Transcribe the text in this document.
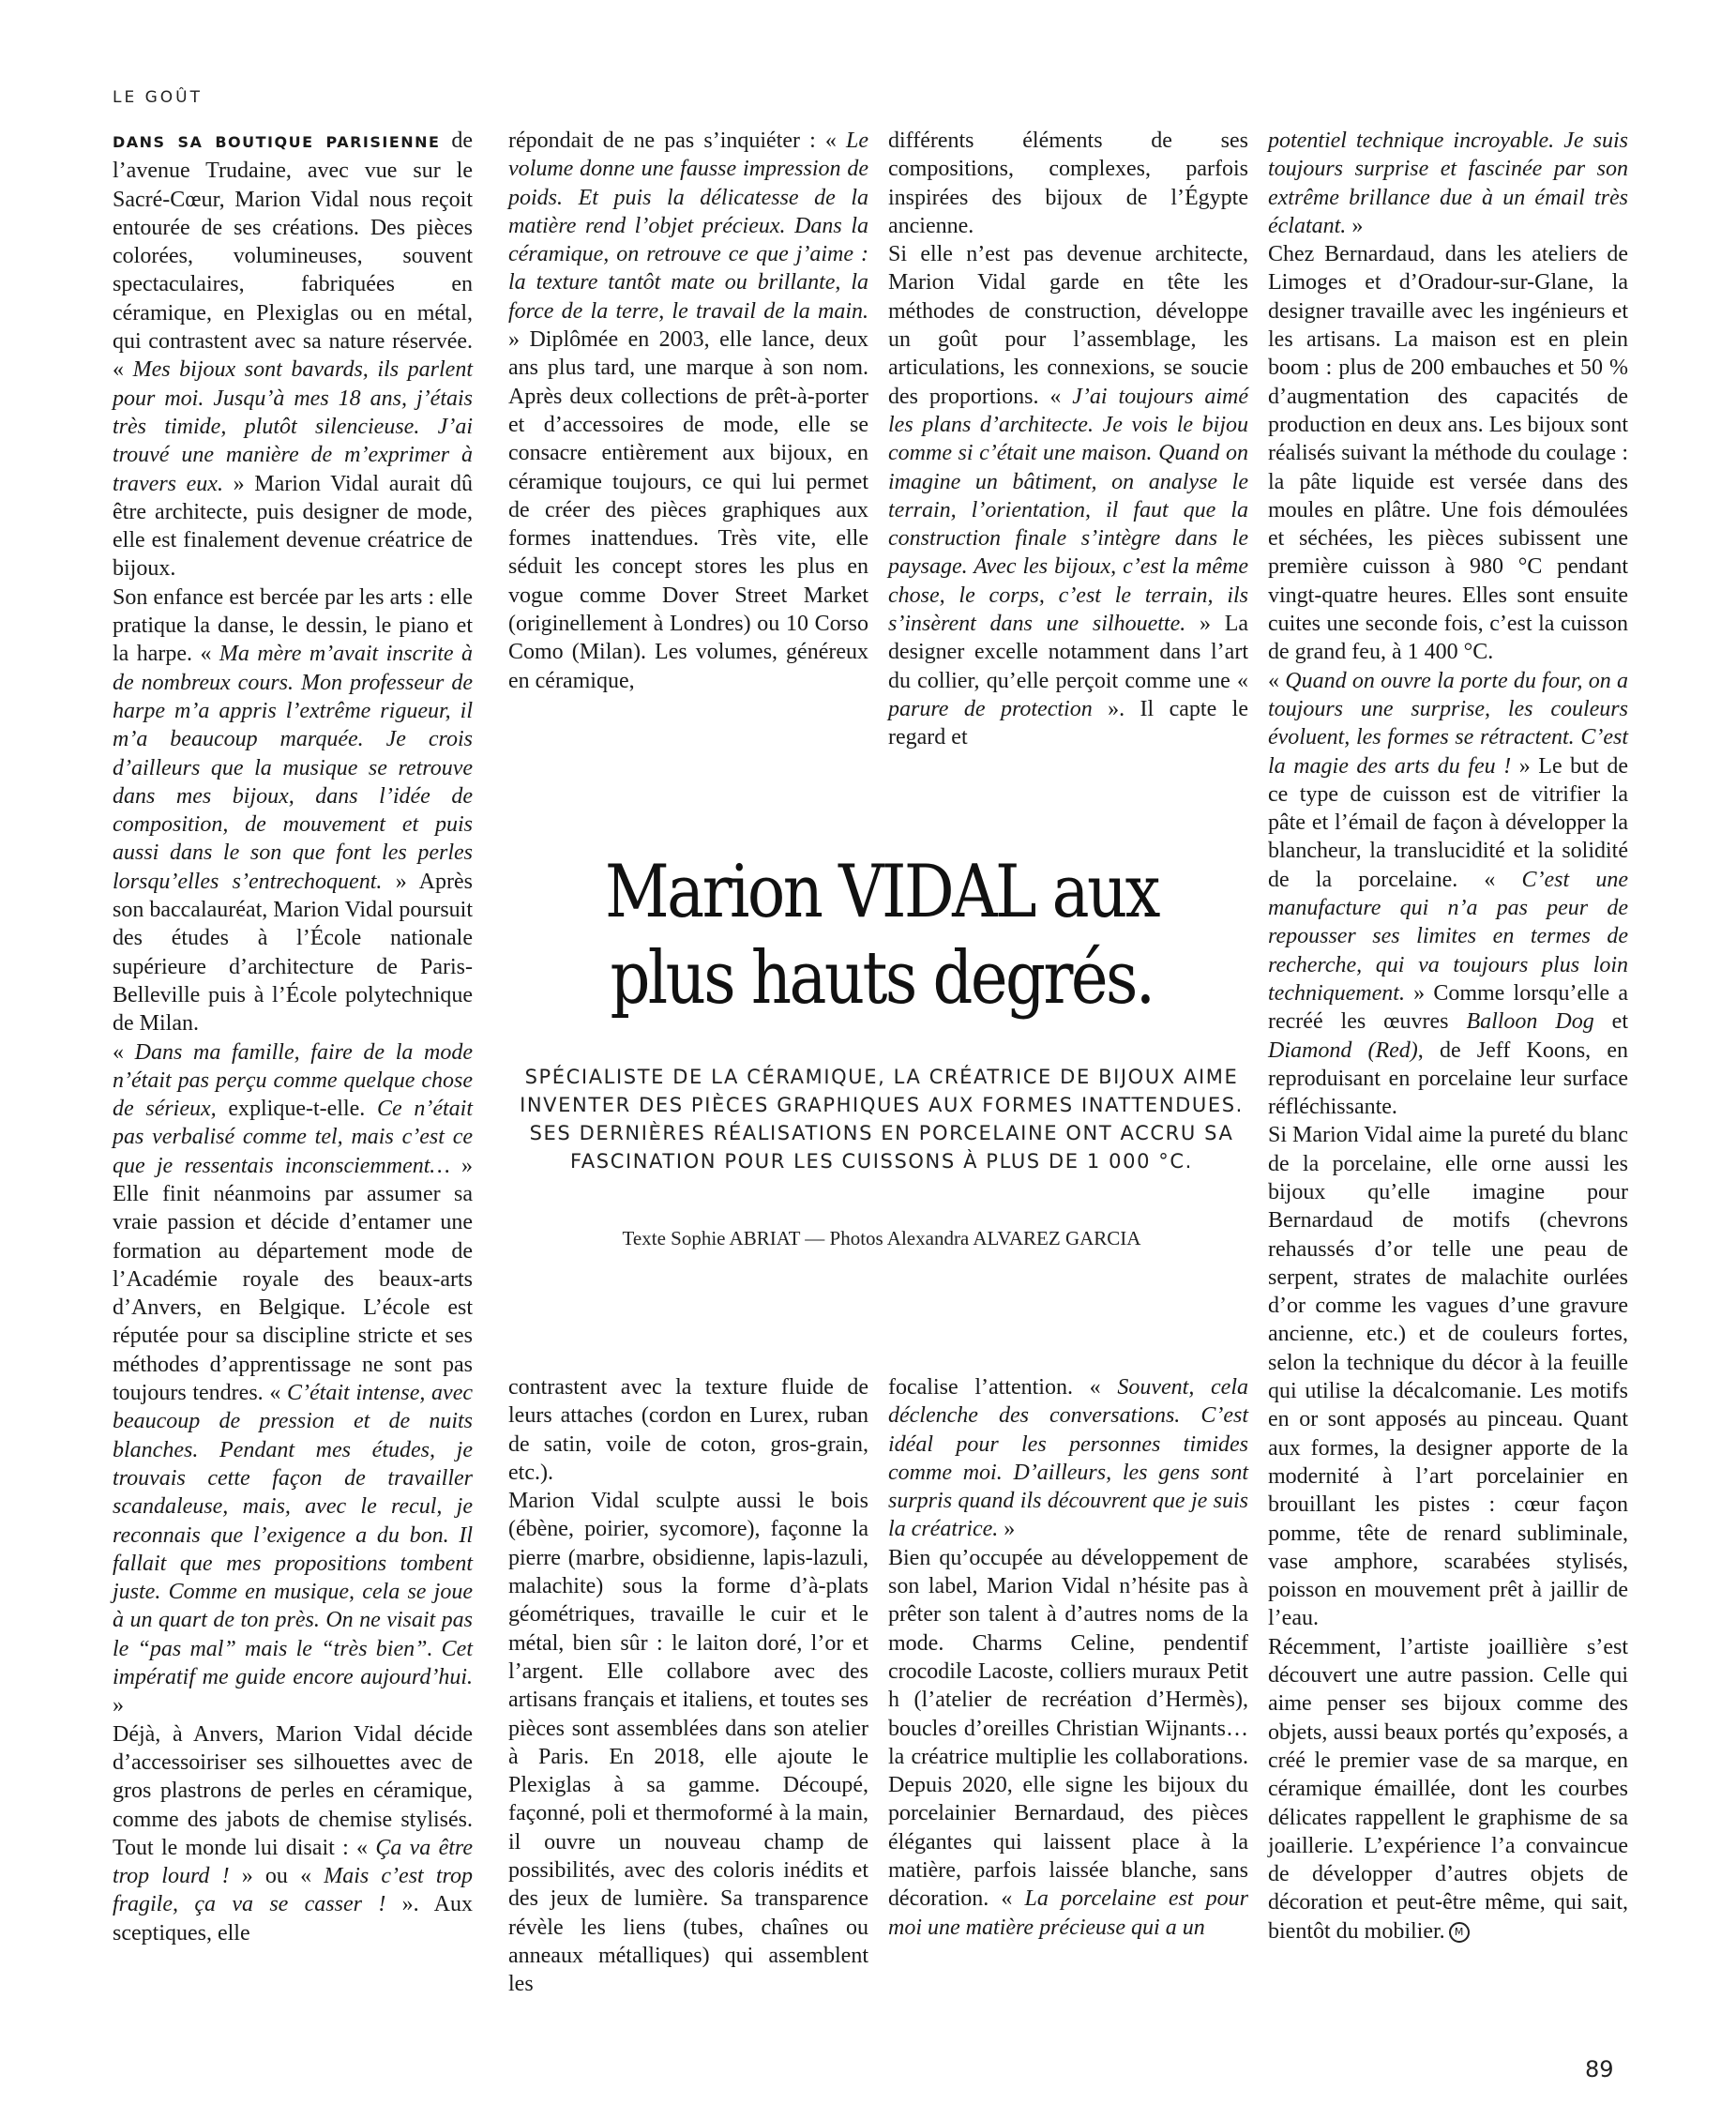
LE GOÛT

DANS SA BOUTIQUE PARISIENNE de l’avenue Trudaine, avec vue sur le Sacré-Cœur, Marion Vidal nous reçoit entourée de ses créations. Des pièces colorées, volumineuses, souvent spectaculaires, fabriquées en céramique, en Plexiglas ou en métal, qui contrastent avec sa nature réservée. « Mes bijoux sont bavards, ils parlent pour moi. Jusqu’à mes 18 ans, j’étais très timide, plutôt silencieuse. J’ai trouvé une manière de m’exprimer à travers eux. » Marion Vidal aurait dû être architecte, puis designer de mode, elle est finalement devenue créatrice de bijoux.

Son enfance est bercée par les arts : elle pratique la danse, le dessin, le piano et la harpe. « Ma mère m’avait inscrite à de nombreux cours. Mon professeur de harpe m’a appris l’extrême rigueur, il m’a beaucoup marquée. Je crois d’ailleurs que la musique se retrouve dans mes bijoux, dans l’idée de composition, de mouvement et puis aussi dans le son que font les perles lorsqu’elles s’entrechoquent. » Après son baccalauréat, Marion Vidal poursuit des études à l’École nationale supérieure d’architecture de Paris-Belleville puis à l’École polytechnique de Milan.

« Dans ma famille, faire de la mode n’était pas perçu comme quelque chose de sérieux, explique-t-elle. Ce n’était pas verbalisé comme tel, mais c’est ce que je ressentais inconsciemment… » Elle finit néanmoins par assumer sa vraie passion et décide d’entamer une formation au département mode de l’Académie royale des beaux-arts d’Anvers, en Belgique. L’école est réputée pour sa discipline stricte et ses méthodes d’apprentissage ne sont pas toujours tendres. « C’était intense, avec beaucoup de pression et de nuits blanches. Pendant mes études, je trouvais cette façon de travailler scandaleuse, mais, avec le recul, je reconnais que l’exigence a du bon. Il fallait que mes propositions tombent juste. Comme en musique, cela se joue à un quart de ton près. On ne visait pas le “pas mal” mais le “très bien”. Cet impératif me guide encore aujourd’hui. »

Déjà, à Anvers, Marion Vidal décide d’accessoiriser ses silhouettes avec de gros plastrons de perles en céramique, comme des jabots de chemise stylisés. Tout le monde lui disait : « Ça va être trop lourd ! » ou « Mais c’est trop fragile, ça va se casser ! ». Aux sceptiques, elle

répondait de ne pas s’inquiéter : « Le volume donne une fausse impression de poids. Et puis la délicatesse de la matière rend l’objet précieux. Dans la céramique, on retrouve ce que j’aime : la texture tantôt mate ou brillante, la force de la terre, le travail de la main. » Diplômée en 2003, elle lance, deux ans plus tard, une marque à son nom. Après deux collections de prêt-à-porter et d’accessoires de mode, elle se consacre entièrement aux bijoux, en céramique toujours, ce qui lui permet de créer des pièces graphiques aux formes inattendues. Très vite, elle séduit les concept stores les plus en vogue comme Dover Street Market (originellement à Londres) ou 10 Corso Como (Milan). Les volumes, généreux en céramique,

différents éléments de ses compositions, complexes, parfois inspirées des bijoux de l’Égypte ancienne.

Si elle n’est pas devenue architecte, Marion Vidal garde en tête les méthodes de construction, développe un goût pour l’assemblage, les articulations, les connexions, se soucie des proportions. « J’ai toujours aimé les plans d’architecte. Je vois le bijou comme si c’était une maison. Quand on imagine un bâtiment, on analyse le terrain, l’orientation, il faut que la construction finale s’intègre dans le paysage. Avec les bijoux, c’est la même chose, le corps, c’est le terrain, ils s’insèrent dans une silhouette. » La designer excelle notamment dans l’art du collier, qu’elle perçoit comme une « parure de protection ». Il capte le regard et

contrastent avec la texture fluide de leurs attaches (cordon en Lurex, ruban de satin, voile de coton, gros-grain, etc.).

Marion Vidal sculpte aussi le bois (ébène, poirier, sycomore), façonne la pierre (marbre, obsidienne, lapis-lazuli, malachite) sous la forme d’à-plats géométriques, travaille le cuir et le métal, bien sûr : le laiton doré, l’or et l’argent. Elle collabore avec des artisans français et italiens, et toutes ses pièces sont assemblées dans son atelier à Paris. En 2018, elle ajoute le Plexiglas à sa gamme. Découpé, façonné, poli et thermoformé à la main, il ouvre un nouveau champ de possibilités, avec des coloris inédits et des jeux de lumière. Sa transparence révèle les liens (tubes, chaînes ou anneaux métalliques) qui assemblent les

focalise l’attention. « Souvent, cela déclenche des conversations. C’est idéal pour les personnes timides comme moi. D’ailleurs, les gens sont surpris quand ils découvrent que je suis la créatrice. »

Bien qu’occupée au développement de son label, Marion Vidal n’hésite pas à prêter son talent à d’autres noms de la mode. Charms Celine, pendentif crocodile Lacoste, colliers muraux Petit h (l’atelier de recréation d’Hermès), boucles d’oreilles Christian Wijnants… la créatrice multiplie les collaborations. Depuis 2020, elle signe les bijoux du porcelainier Bernardaud, des pièces élégantes qui laissent place à la matière, parfois laissée blanche, sans décoration. « La porcelaine est pour moi une matière précieuse qui a un

potentiel technique incroyable. Je suis toujours surprise et fascinée par son extrême brillance due à un émail très éclatant. »

Chez Bernardaud, dans les ateliers de Limoges et d’Oradour-sur-Glane, la designer travaille avec les ingénieurs et les artisans. La maison est en plein boom : plus de 200 embauches et 50 % d’augmentation des capacités de production en deux ans. Les bijoux sont réalisés suivant la méthode du coulage : la pâte liquide est versée dans des moules en plâtre. Une fois démoulées et séchées, les pièces subissent une première cuisson à 980 °C pendant vingt-quatre heures. Elles sont ensuite cuites une seconde fois, c’est la cuisson de grand feu, à 1 400 °C.

« Quand on ouvre la porte du four, on a toujours une surprise, les couleurs évoluent, les formes se rétractent. C’est la magie des arts du feu ! » Le but de ce type de cuisson est de vitrifier la pâte et l’émail de façon à développer la blancheur, la translucidité et la solidité de la porcelaine. « C’est une manufacture qui n’a pas peur de repousser ses limites en termes de recherche, qui va toujours plus loin techniquement. » Comme lorsqu’elle a recréé les œuvres Balloon Dog et Diamond (Red), de Jeff Koons, en reproduisant en porcelaine leur surface réfléchissante.

Si Marion Vidal aime la pureté du blanc de la porcelaine, elle orne aussi les bijoux qu’elle imagine pour Bernardaud de motifs (chevrons rehaussés d’or telle une peau de serpent, strates de malachite ourlées d’or comme les vagues d’une gravure ancienne, etc.) et de couleurs fortes, selon la technique du décor à la feuille qui utilise la décalcomanie. Les motifs en or sont apposés au pinceau. Quant aux formes, la designer apporte de la modernité à l’art porcelainier en brouillant les pistes : cœur façon pomme, tête de renard subliminale, vase amphore, scarabées stylisés, poisson en mouvement prêt à jaillir de l’eau.

Récemment, l’artiste joaillière s’est découvert une autre passion. Celle qui aime penser ses bijoux comme des objets, aussi beaux portés qu’exposés, a créé le premier vase de sa marque, en céramique émaillée, dont les courbes délicates rappellent le graphisme de sa joaillerie. L’expérience l’a convaincue de développer d’autres objets de décoration et peut-être même, qui sait, bientôt du mobilier. M

Marion VIDAL aux plus hauts degrés.

SPÉCIALISTE DE LA CÉRAMIQUE, LA CRÉATRICE DE BIJOUX AIME INVENTER DES PIÈCES GRAPHIQUES AUX FORMES INATTENDUES. SES DERNIÈRES RÉALISATIONS EN PORCELAINE ONT ACCRU SA FASCINATION POUR LES CUISSONS À PLUS DE 1 000 °C.

Texte Sophie ABRIAT — Photos Alexandra ALVAREZ GARCIA

89
